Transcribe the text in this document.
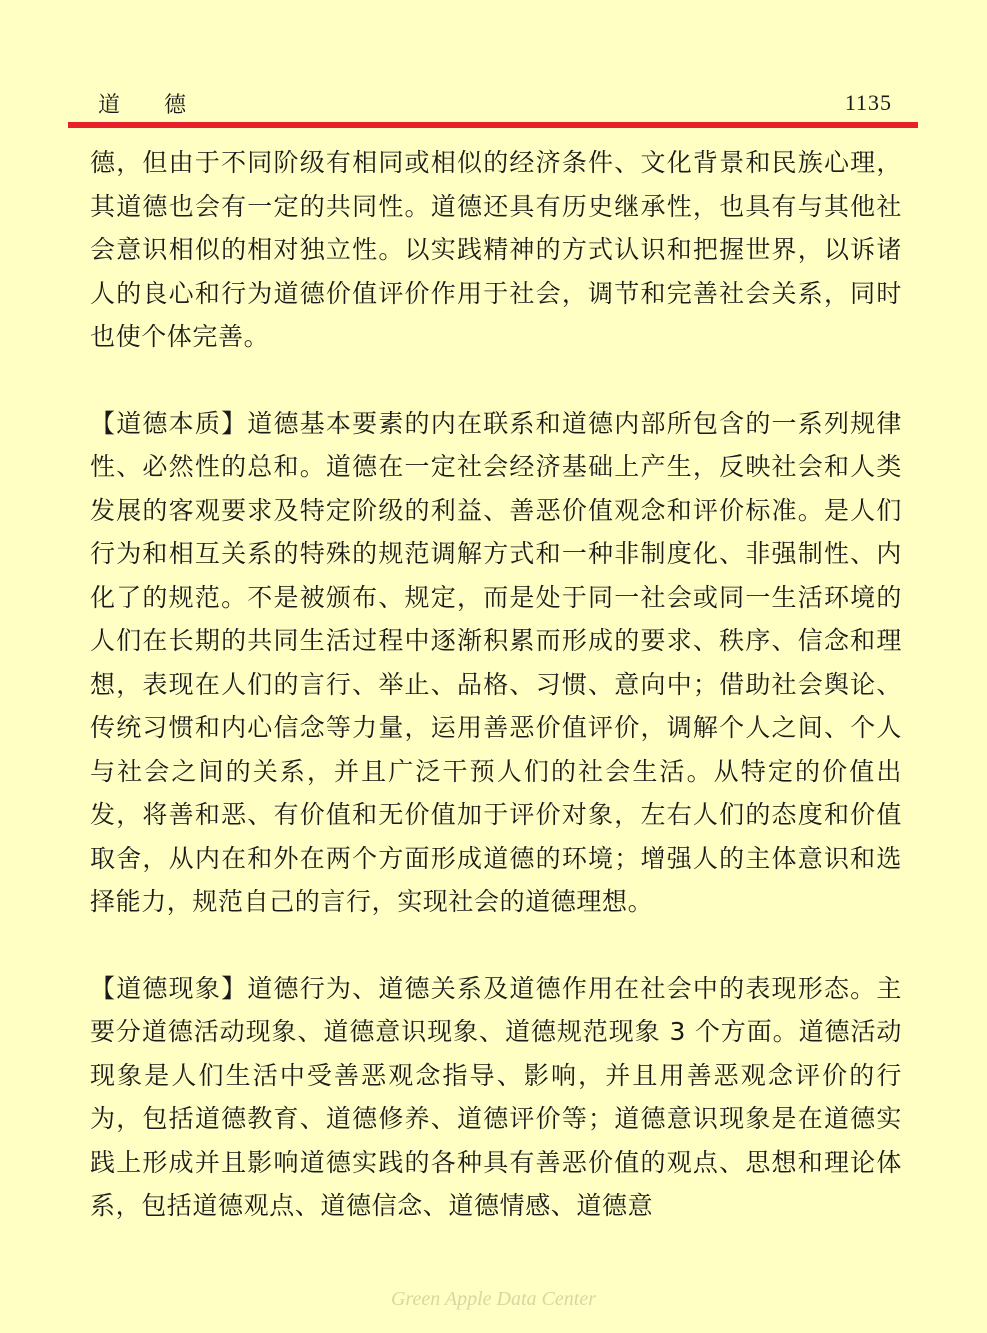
道　　德	1135

德，但由于不同阶级有相同或相似的经济条件、文化背景和民族心理，其道德也会有一定的共同性。道德还具有历史继承性，也具有与其他社会意识相似的相对独立性。以实践精神的方式认识和把握世界，以诉诸人的良心和行为道德价值评价作用于社会，调节和完善社会关系，同时也使个体完善。

【道德本质】道德基本要素的内在联系和道德内部所包含的一系列规律性、必然性的总和。道德在一定社会经济基础上产生，反映社会和人类发展的客观要求及特定阶级的利益、善恶价值观念和评价标准。是人们行为和相互关系的特殊的规范调解方式和一种非制度化、非强制性、内化了的规范。不是被颁布、规定，而是处于同一社会或同一生活环境的人们在长期的共同生活过程中逐渐积累而形成的要求、秩序、信念和理想，表现在人们的言行、举止、品格、习惯、意向中；借助社会舆论、传统习惯和内心信念等力量，运用善恶价值评价，调解个人之间、个人与社会之间的关系，并且广泛干预人们的社会生活。从特定的价值出发，将善和恶、有价值和无价值加于评价对象，左右人们的态度和价值取舍，从内在和外在两个方面形成道德的环境；增强人的主体意识和选择能力，规范自己的言行，实现社会的道德理想。

【道德现象】道德行为、道德关系及道德作用在社会中的表现形态。主要分道德活动现象、道德意识现象、道德规范现象 3 个方面。道德活动现象是人们生活中受善恶观念指导、影响，并且用善恶观念评价的行为，包括道德教育、道德修养、道德评价等；道德意识现象是在道德实践上形成并且影响道德实践的各种具有善恶价值的观点、思想和理论体系，包括道德观点、道德信念、道德情感、道德意

Green Apple Data Center
